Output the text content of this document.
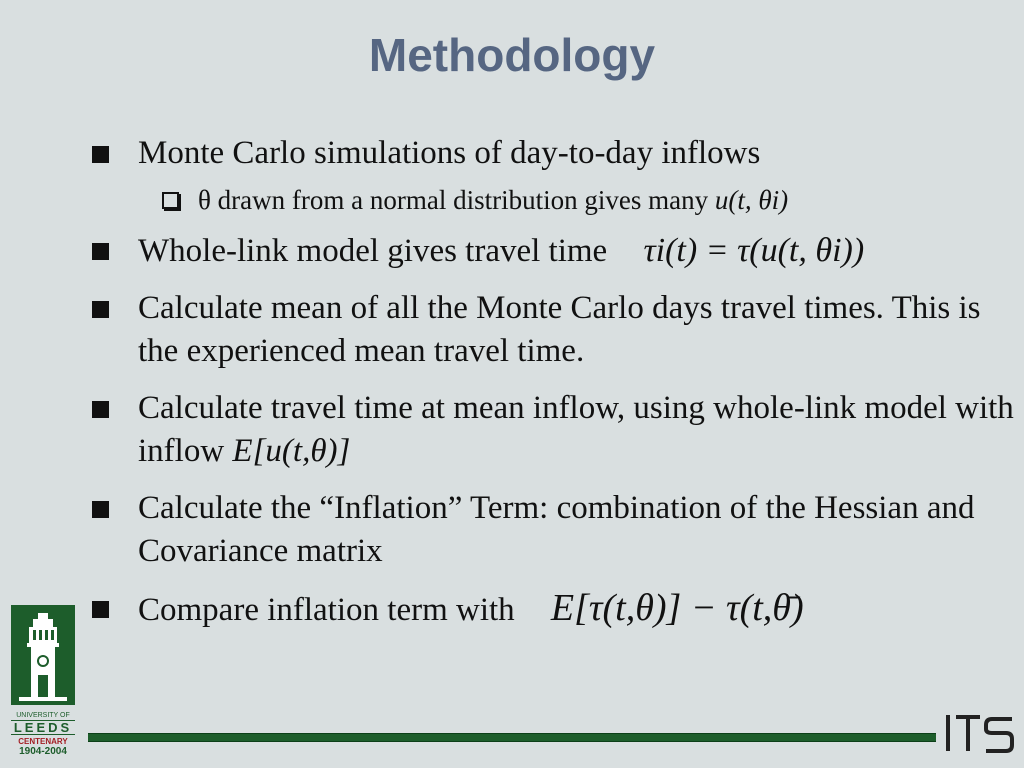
Methodology
Monte Carlo simulations of day-to-day inflows
θ drawn from a normal distribution gives many u(t, θi)
Whole-link model gives travel time τi(t) = τ(u(t, θi))
Calculate mean of all the Monte Carlo days travel times. This is the experienced mean travel time.
Calculate travel time at mean inflow, using whole-link model with inflow E[u(t,θ)]
Calculate the “Inflation” Term: combination of the Hessian and Covariance matrix
Compare inflation term with E[τ(t,θ)] − τ(t,θ̄)
UNIVERSITY OF
LEEDS
CENTENARY
1904-2004
